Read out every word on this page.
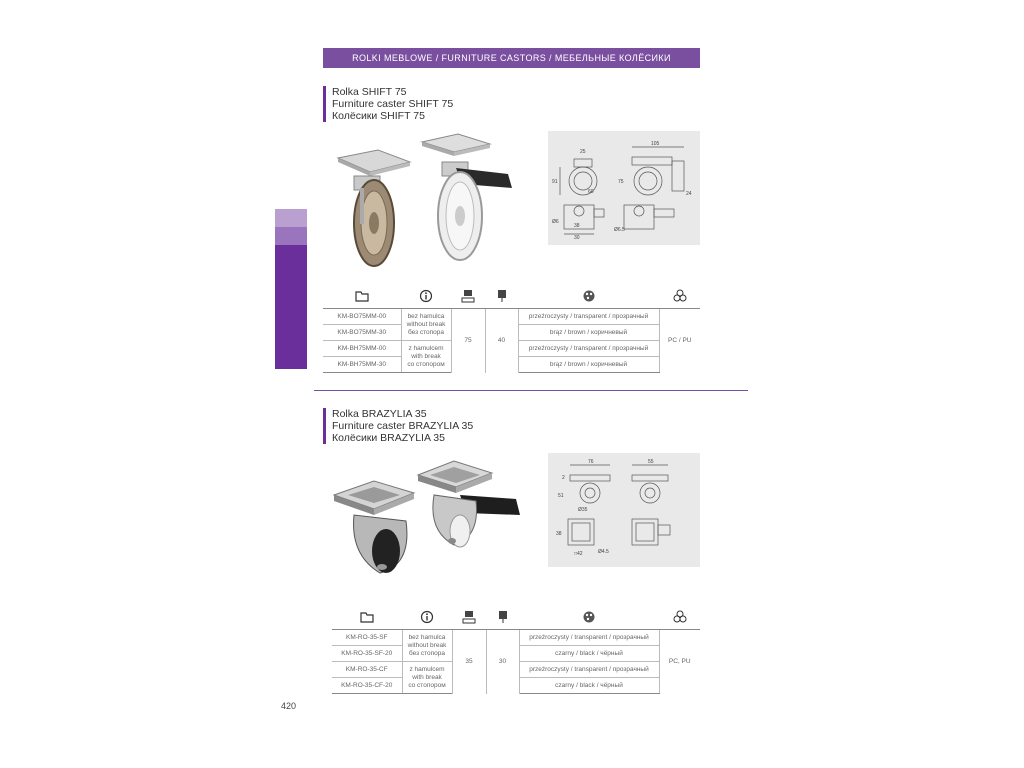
ROLKI MEBLOWE / FURNITURE CASTORS / МЕБЕЛЬНЫЕ КОЛЁСИКИ
Rolka SHIFT 75
Furniture caster SHIFT 75
Колёсики SHIFT 75
105
25
91
24
38
30
60
Ø6
75
Ø6.5

KM-BO75MM-00	bez hamulca
without break
без стопора	75	40	przeźroczysty / transparent / прозрачный	PC / PU
KM-BO75MM-30				brąz / brown / коричневый	
KM-BH75MM-00	z hamulcem
with break
со стопором			przeźroczysty / transparent / прозрачный	
KM-BH75MM-30				brąz / brown / коричневый	
Rolka BRAZYLIA 35
Furniture caster BRAZYLIA 35
Колёсики BRAZYLIA 35
76	55
2
51
Ø35
38
□42	Ø4.5

KM-RO-35-SF	bez hamulca
without break
без стопора	35	30	przeźroczysty / transparent / прозрачный	PC, PU
KM-RO-35-SF-20				czarny / black / чёрный	
KM-RO-35-CF	z hamulcem
with break
со стопором			przeźroczysty / transparent / прозрачный	
KM-RO-35-CF-20				czarny / black / чёрный	
420
